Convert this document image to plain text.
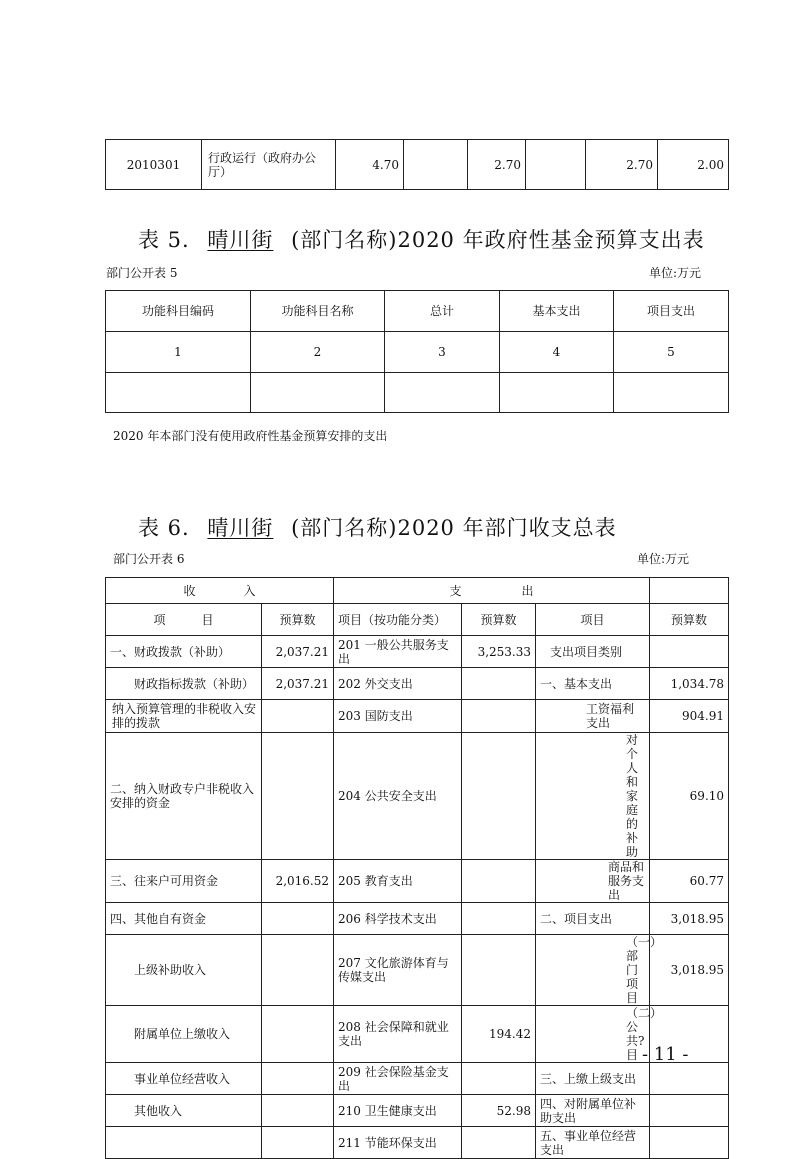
2010301	行政运行（政府办公厅）	4.70		2.70		2.70	2.00
表 5. 晴川街 (部门名称)2020 年政府性基金预算支出表
部门公开表 5	单位:万元
功能科目编码	功能科目名称	总计	基本支出	项目支出
1	2	3	4	5

2020 年本部门没有使用政府性基金预算安排的支出
表 6. 晴川街 (部门名称)2020 年部门收支总表
部门公开表 6	单位:万元
收　　　　入		支　　　　　出			
项　　　目	预算数	项目（按功能分类）	预算数	项目	预算数
一、财政拨款（补助）	2,037.21	201 一般公共服务支出	3,253.33	支出项目类别	
财政指标拨款（补助）	2,037.21	202 外交支出		一、基本支出	1,034.78
纳入预算管理的非税收入安排的拨款		203 国防支出		工资福利支出	904.91
二、纳入财政专户非税收入安排的资金		204 公共安全支出		对个人和家庭的补助	69.10
三、往来户可用资金	2,016.52	205 教育支出		商品和服务支出	60.77
四、其他自有资金		206 科学技术支出		二、项目支出	3,018.95
上级补助收入		207 文化旅游体育与传媒支出		（一）部门项目	3,018.95
附属单位上缴收入		208 社会保障和就业支出	194.42	（二）公共?目	
事业单位经营收入		209 社会保险基金支出		三、上缴上级支出	
其他收入		210 卫生健康支出	52.98	四、对附属单位补助支出	
		211 节能环保支出		五、事业单位经营支出	
- 11 -
